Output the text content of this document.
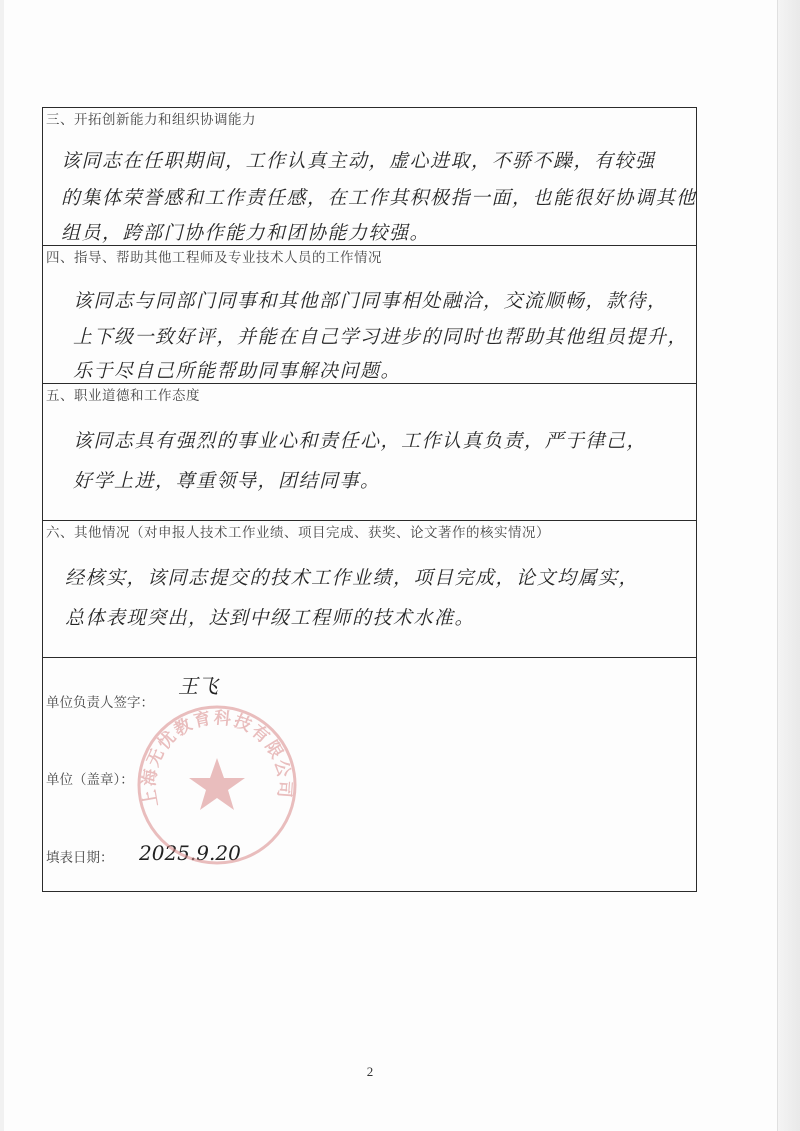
三、开拓创新能力和组织协调能力
该同志在任职期间，工作认真主动，虚心进取，不骄不躁，有较强
的集体荣誉感和工作责任感，在工作其积极指一面，也能很好协调其他
组员，跨部门协作能力和团协能力较强。
四、指导、帮助其他工程师及专业技术人员的工作情况
该同志与同部门同事和其他部门同事相处融洽，交流顺畅，款待，
上下级一致好评，并能在自己学习进步的同时也帮助其他组员提升，
乐于尽自己所能帮助同事解决问题。
五、职业道德和工作态度
该同志具有强烈的事业心和责任心，工作认真负责，严于律己，
好学上进，尊重领导，团结同事。
六、其他情况（对申报人技术工作业绩、项目完成、获奖、论文著作的核实情况）
经核实，该同志提交的技术工作业绩，项目完成，论文均属实，
总体表现突出，达到中级工程师的技术水准。
单位负责人签字：
王飞
单位（盖章）：
填表日期： 2025.9.20
上海无忧教育科技有限公司
2
